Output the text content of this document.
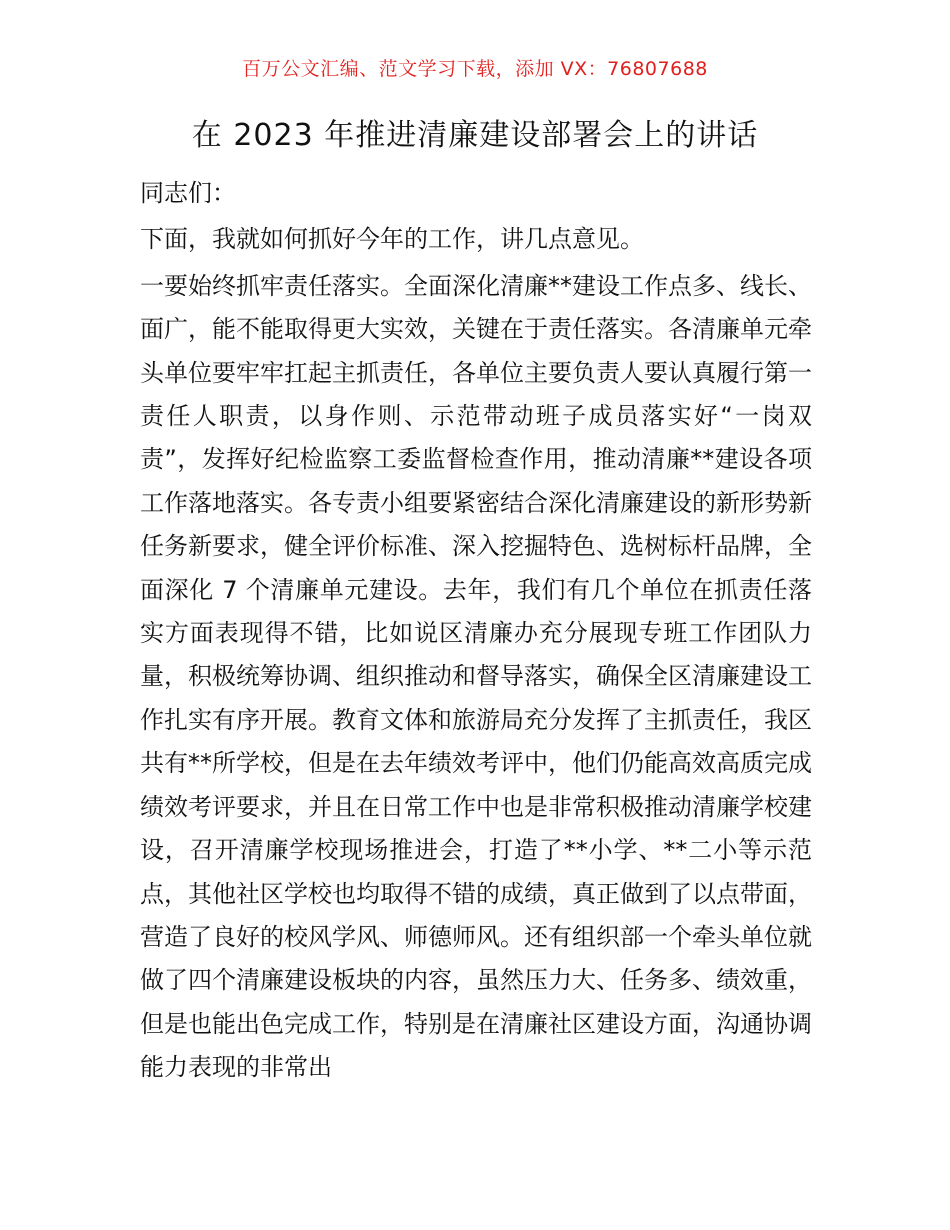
百万公文汇编、范文学习下载，添加 VX：76807688
在 2023 年推进清廉建设部署会上的讲话

同志们：

下面，我就如何抓好今年的工作，讲几点意见。

一要始终抓牢责任落实。全面深化清廉**建设工作点多、线长、面广，能不能取得更大实效，关键在于责任落实。各清廉单元牵头单位要牢牢扛起主抓责任，各单位主要负责人要认真履行第一责任人职责，以身作则、示范带动班子成员落实好“一岗双责”，发挥好纪检监察工委监督检查作用，推动清廉**建设各项工作落地落实。各专责小组要紧密结合深化清廉建设的新形势新任务新要求，健全评价标准、深入挖掘特色、选树标杆品牌，全面深化 7 个清廉单元建设。去年，我们有几个单位在抓责任落实方面表现得不错，比如说区清廉办充分展现专班工作团队力量，积极统筹协调、组织推动和督导落实，确保全区清廉建设工作扎实有序开展。教育文体和旅游局充分发挥了主抓责任，我区共有**所学校，但是在去年绩效考评中，他们仍能高效高质完成绩效考评要求，并且在日常工作中也是非常积极推动清廉学校建设，召开清廉学校现场推进会，打造了**小学、**二小等示范点，其他社区学校也均取得不错的成绩，真正做到了以点带面，营造了良好的校风学风、师德师风。还有组织部一个牵头单位就做了四个清廉建设板块的内容，虽然压力大、任务多、绩效重，但是也能出色完成工作，特别是在清廉社区建设方面，沟通协调能力表现的非常出
